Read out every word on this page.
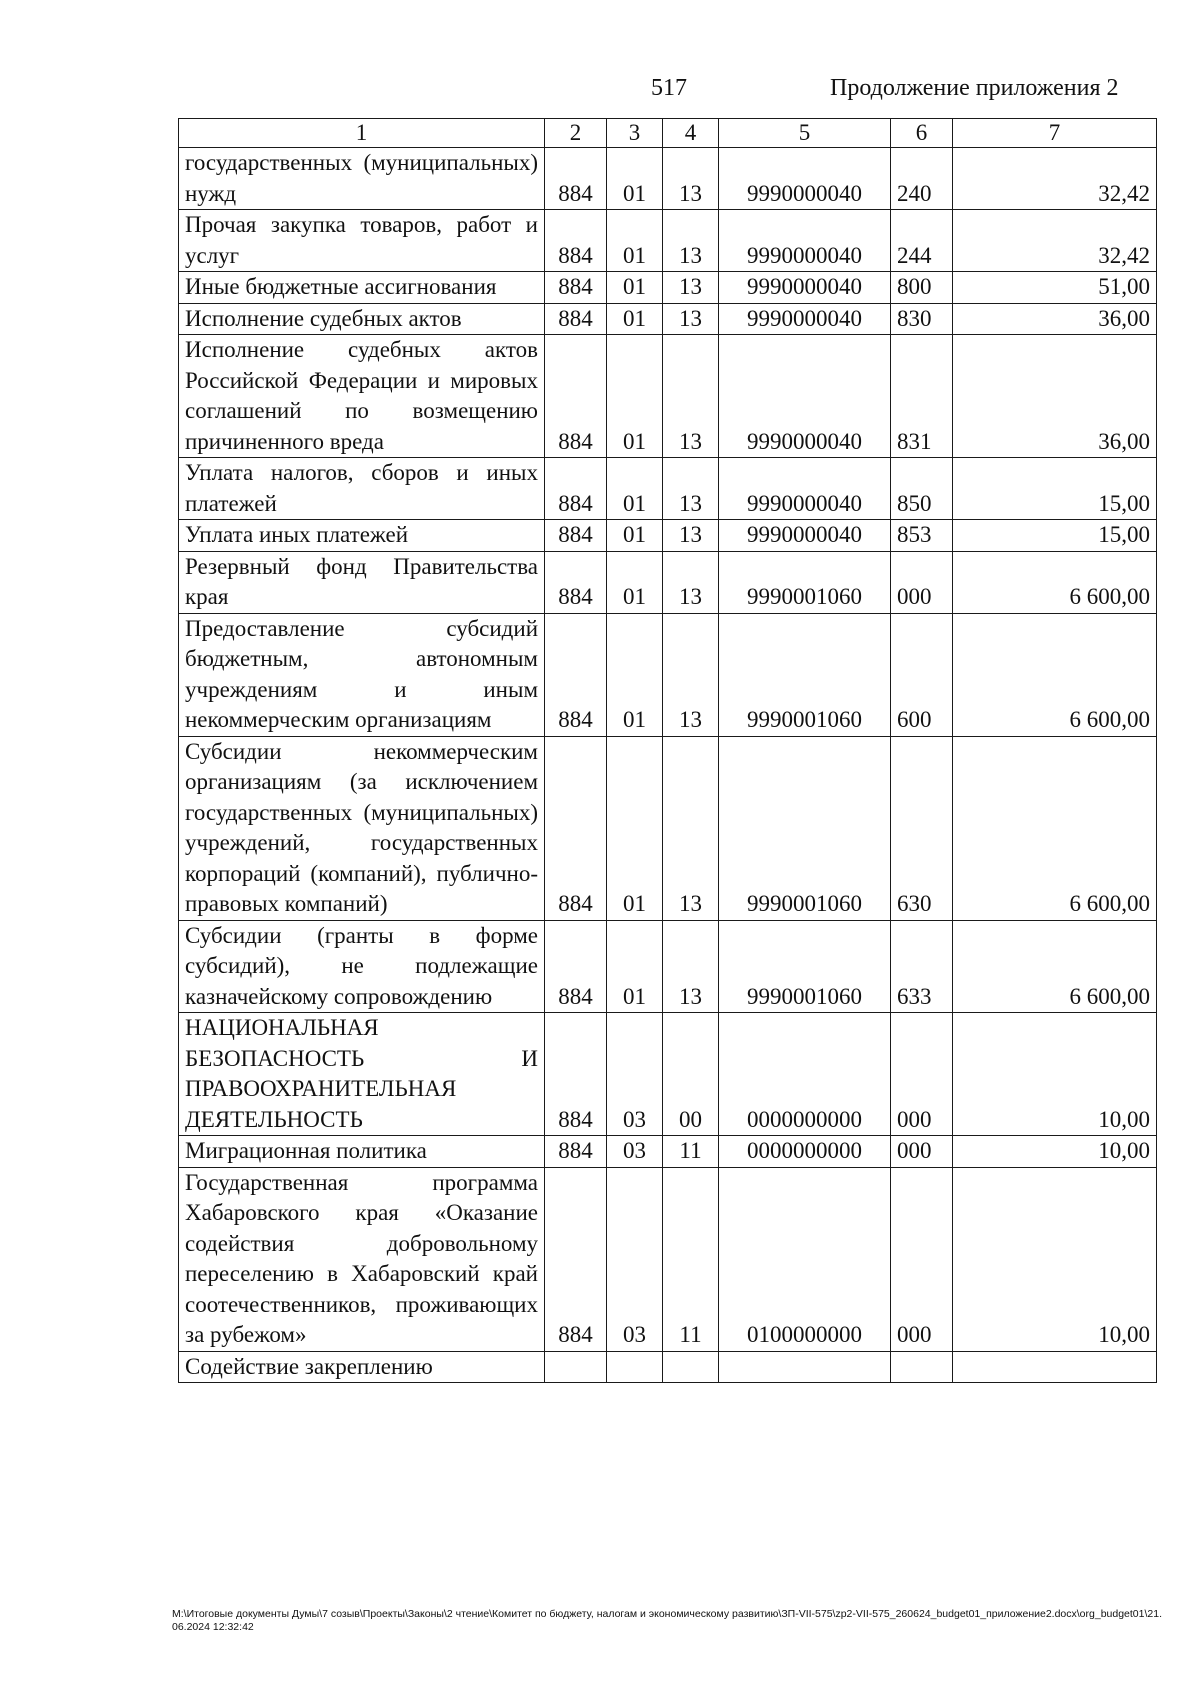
517	Продолжение приложения 2
1	2	3	4	5	6	7
государственных (муниципальных) нужд	884	01	13	9990000040	240	32,42
Прочая закупка товаров, работ и услуг	884	01	13	9990000040	244	32,42
Иные бюджетные ассигнования	884	01	13	9990000040	800	51,00
Исполнение судебных актов	884	01	13	9990000040	830	36,00
Исполнение судебных актов Российской Федерации и мировых соглашений по возмещению причиненного вреда	884	01	13	9990000040	831	36,00
Уплата налогов, сборов и иных платежей	884	01	13	9990000040	850	15,00
Уплата иных платежей	884	01	13	9990000040	853	15,00
Резервный фонд Правительства края	884	01	13	9990001060	000	6 600,00
Предоставление субсидий бюджетным, автономным учреждениям и иным некоммерческим организациям	884	01	13	9990001060	600	6 600,00
Субсидии некоммерческим организациям (за исключением государственных (муниципальных) учреждений, государственных корпораций (компаний), публично-правовых компаний)	884	01	13	9990001060	630	6 600,00
Субсидии (гранты в форме субсидий), не подлежащие казначейскому сопровождению	884	01	13	9990001060	633	6 600,00
НАЦИОНАЛЬНАЯ БЕЗОПАСНОСТЬ И ПРАВООХРАНИТЕЛЬНАЯ ДЕЯТЕЛЬНОСТЬ	884	03	00	0000000000	000	10,00
Миграционная политика	884	03	11	0000000000	000	10,00
Государственная программа Хабаровского края «Оказание содействия добровольному переселению в Хабаровский край соотечественников, проживающих за рубежом»	884	03	11	0100000000	000	10,00
Содействие закреплению						
М:\Итоговые документы Думы\7 созыв\Проекты\Законы\2 чтение\Комитет по бюджету, налогам и экономическому развитию\ЗП-VII-575\zp2-VII-575_260624_budget01_приложение2.docx\org_budget01\21.06.2024 12:32:42
